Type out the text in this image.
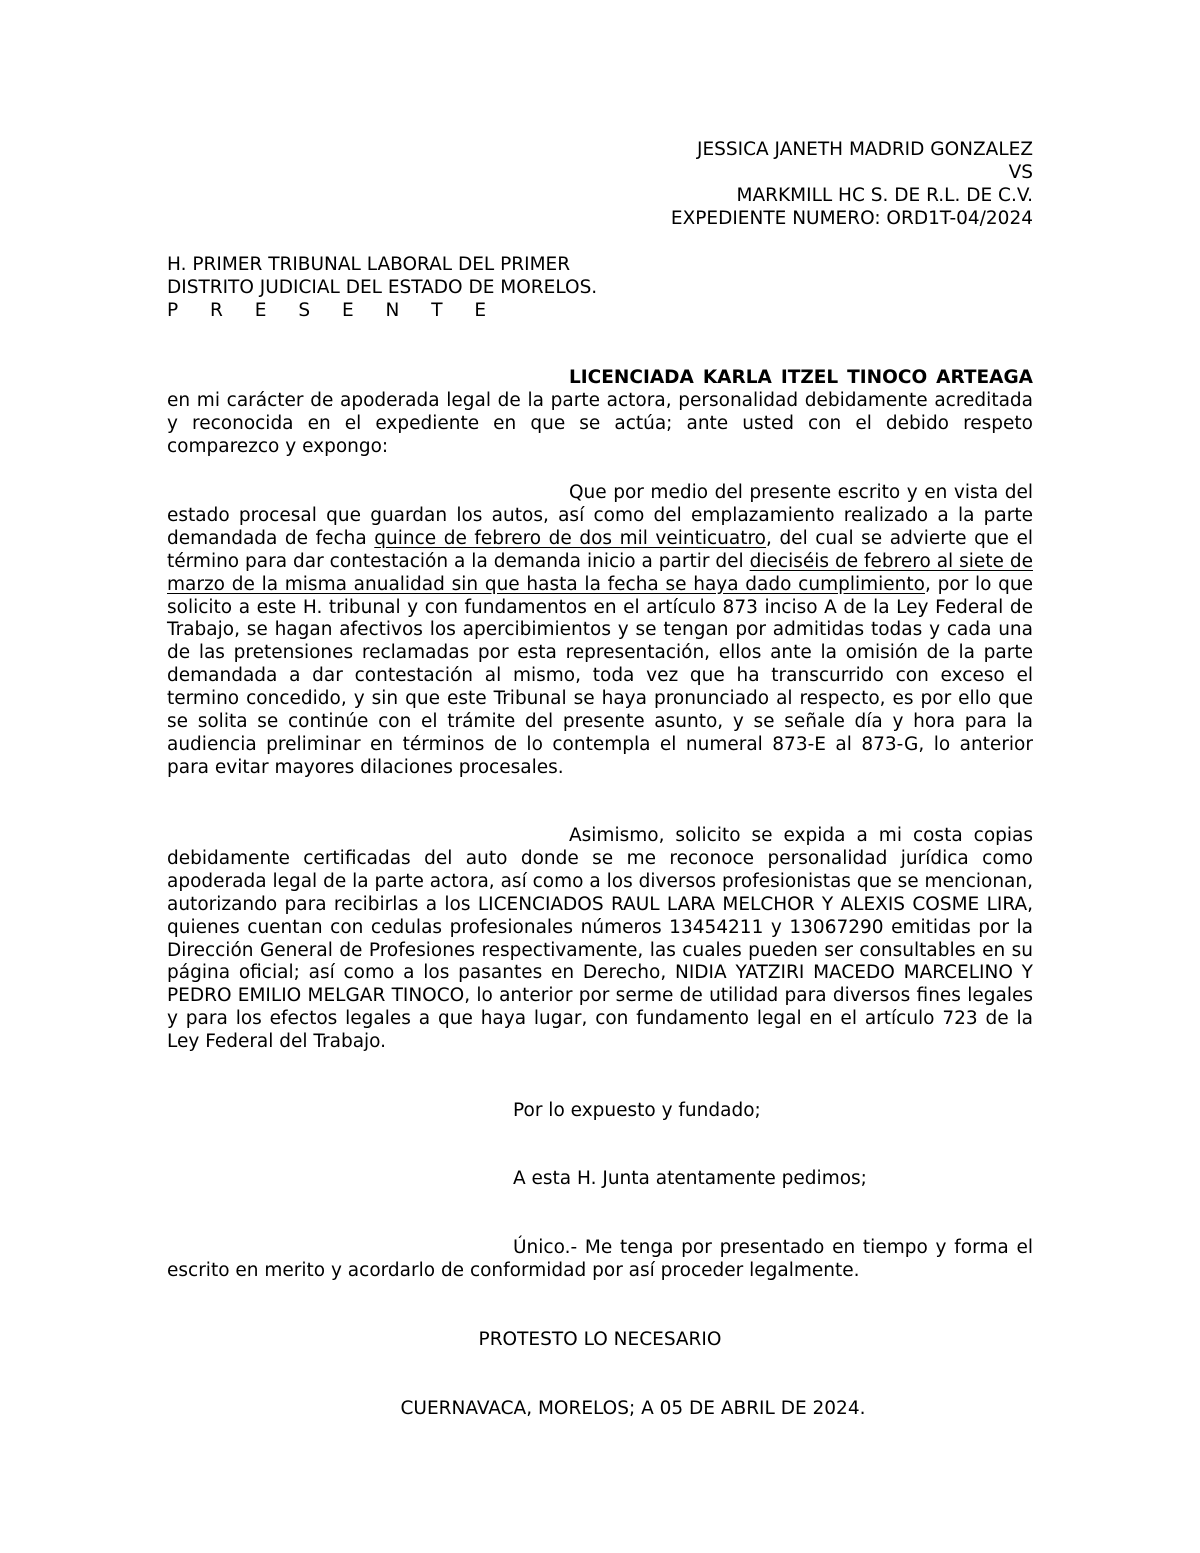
JESSICA JANETH MADRID GONZALEZ
VS
MARKMILL HC S. DE R.L. DE C.V.
EXPEDIENTE NUMERO: ORD1T-04/2024
H. PRIMER TRIBUNAL LABORAL DEL PRIMER
DISTRITO JUDICIAL DEL ESTADO DE MORELOS.
P R E S E N T E
LICENCIADA KARLA ITZEL TINOCO ARTEAGA en mi carácter de apoderada legal de la parte actora, personalidad debidamente acreditada y reconocida en el expediente en que se actúa; ante usted con el debido respeto comparezco y expongo:
Que por medio del presente escrito y en vista del estado procesal que guardan los autos, así como del emplazamiento realizado a la parte demandada de fecha quince de febrero de dos mil veinticuatro, del cual se advierte que el término para dar contestación a la demanda inicio a partir del dieciséis de febrero al siete de marzo de la misma anualidad sin que hasta la fecha se haya dado cumplimiento, por lo que solicito a este H. tribunal y con fundamentos en el artículo 873 inciso A de la Ley Federal de Trabajo, se hagan afectivos los apercibimientos y se tengan por admitidas todas y cada una de las pretensiones reclamadas por esta representación, ellos ante la omisión de la parte demandada a dar contestación al mismo, toda vez que ha transcurrido con exceso el termino concedido, y sin que este Tribunal se haya pronunciado al respecto, es por ello que se solita se continúe con el trámite del presente asunto, y se señale día y hora para la audiencia preliminar en términos de lo contempla el numeral 873-E al 873-G, lo anterior para evitar mayores dilaciones procesales.
Asimismo, solicito se expida a mi costa copias debidamente certificadas del auto donde se me reconoce personalidad jurídica como apoderada legal de la parte actora, así como a los diversos profesionistas que se mencionan, autorizando para recibirlas a los LICENCIADOS RAUL LARA MELCHOR Y ALEXIS COSME LIRA, quienes cuentan con cedulas profesionales números 13454211 y 13067290 emitidas por la Dirección General de Profesiones respectivamente, las cuales pueden ser consultables en su página oficial; así como a los pasantes en Derecho, NIDIA YATZIRI MACEDO MARCELINO Y PEDRO EMILIO MELGAR TINOCO, lo anterior por serme de utilidad para diversos fines legales y para los efectos legales a que haya lugar, con fundamento legal en el artículo 723 de la Ley Federal del Trabajo.
Por lo expuesto y fundado;
A esta H. Junta atentamente pedimos;
Único.- Me tenga por presentado en tiempo y forma el escrito en merito y acordarlo de conformidad por así proceder legalmente.
PROTESTO LO NECESARIO
CUERNAVACA, MORELOS; A 05 DE ABRIL DE 2024.
